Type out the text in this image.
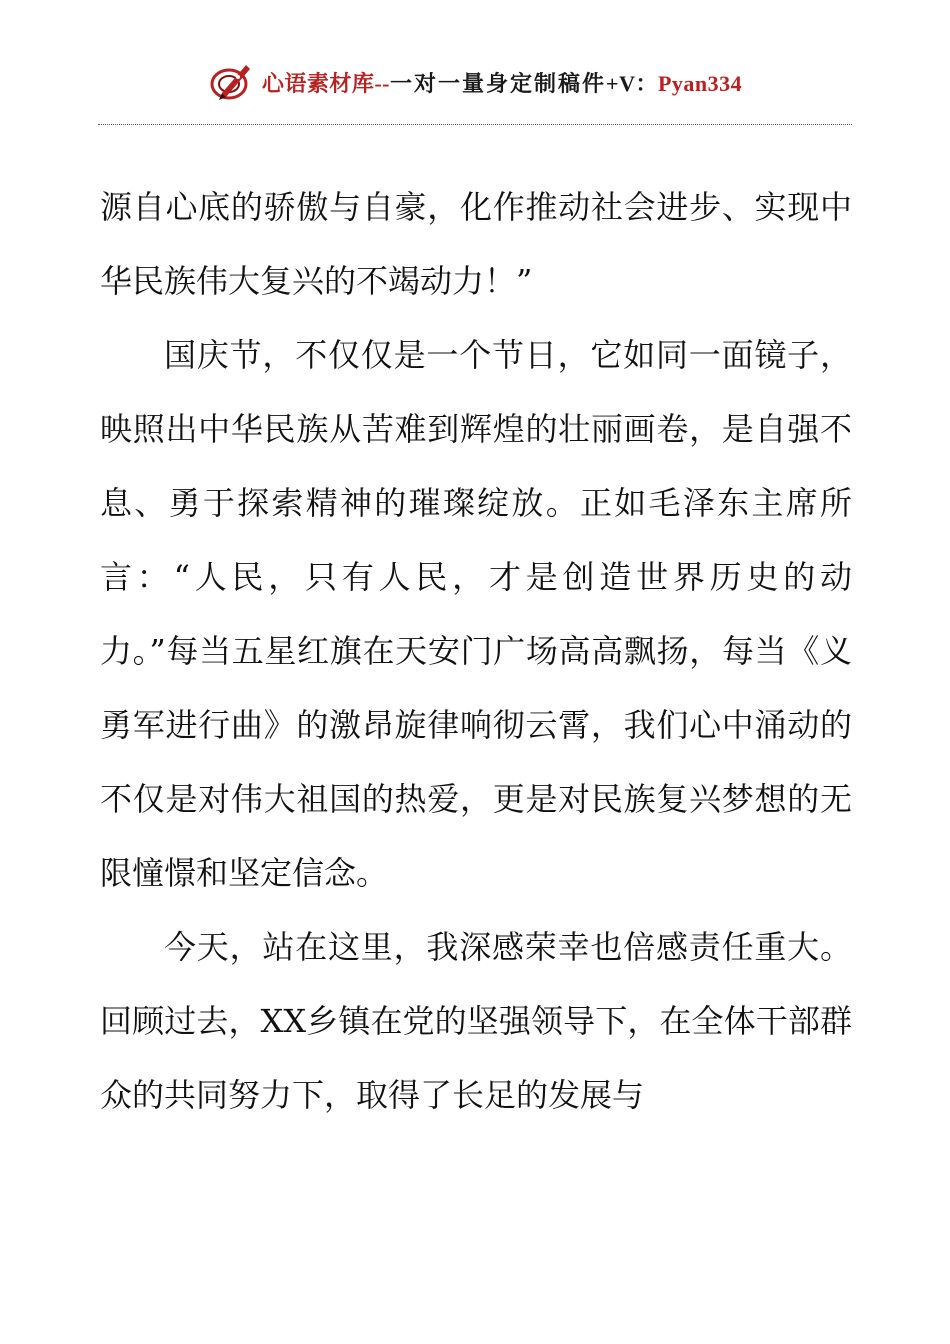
心语素材库--一对一量身定制稿件+V：Pyan334

源自心底的骄傲与自豪，化作推动社会进步、实现中华民族伟大复兴的不竭动力！”

国庆节，不仅仅是一个节日，它如同一面镜子，映照出中华民族从苦难到辉煌的壮丽画卷，是自强不息、勇于探索精神的璀璨绽放。正如毛泽东主席所言：“人民，只有人民，才是创造世界历史的动力。”每当五星红旗在天安门广场高高飘扬，每当《义勇军进行曲》的激昂旋律响彻云霄，我们心中涌动的不仅是对伟大祖国的热爱，更是对民族复兴梦想的无限憧憬和坚定信念。

今天，站在这里，我深感荣幸也倍感责任重大。回顾过去，XX乡镇在党的坚强领导下，在全体干部群众的共同努力下，取得了长足的发展与
